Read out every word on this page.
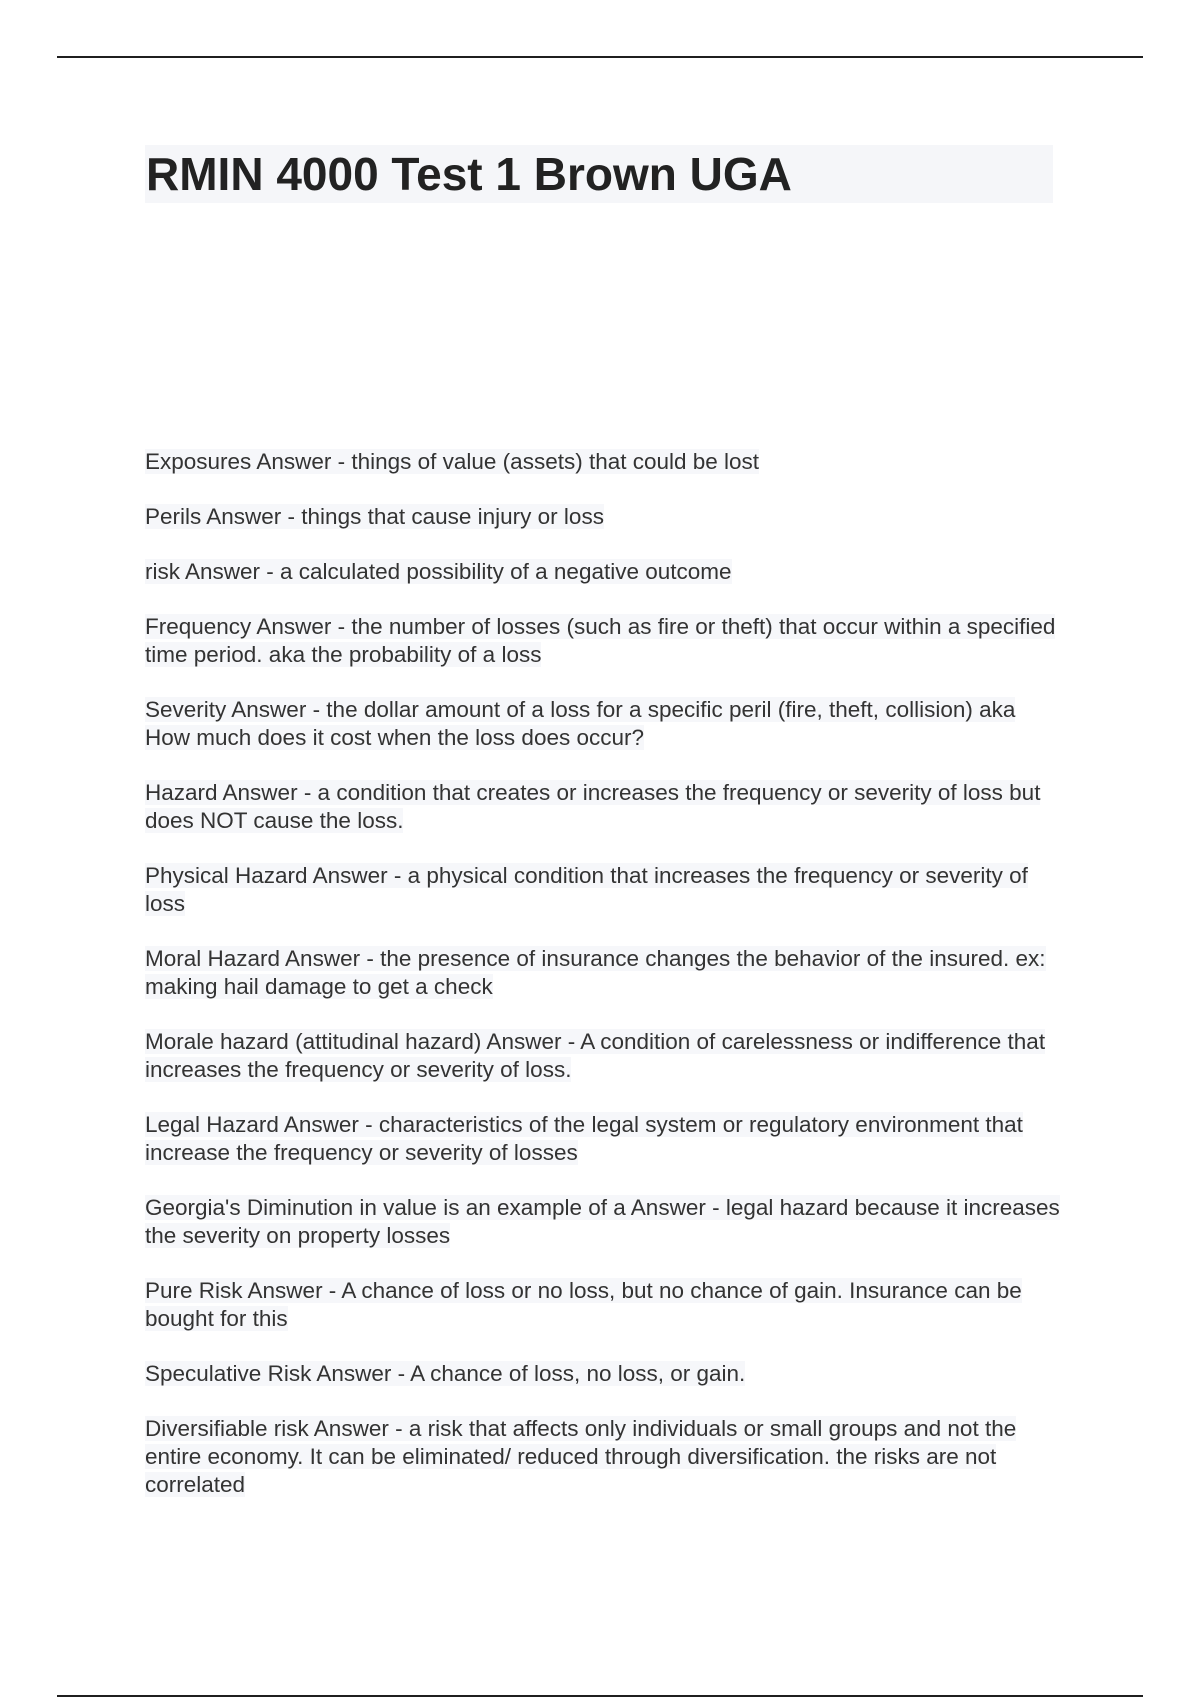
RMIN 4000 Test 1 Brown UGA
Exposures Answer - things of value (assets) that could be lost
Perils Answer - things that cause injury or loss
risk Answer - a calculated possibility of a negative outcome
Frequency Answer - the number of losses (such as fire or theft) that occur within a specified time period. aka the probability of a loss
Severity Answer - the dollar amount of a loss for a specific peril (fire, theft, collision) aka How much does it cost when the loss does occur?
Hazard Answer - a condition that creates or increases the frequency or severity of loss but does NOT cause the loss.
Physical Hazard Answer - a physical condition that increases the frequency or severity of loss
Moral Hazard Answer - the presence of insurance changes the behavior of the insured. ex: making hail damage to get a check
Morale hazard (attitudinal hazard) Answer - A condition of carelessness or indifference that increases the frequency or severity of loss.
Legal Hazard Answer - characteristics of the legal system or regulatory environment that increase the frequency or severity of losses
Georgia's Diminution in value is an example of a Answer - legal hazard because it increases the severity on property losses
Pure Risk Answer - A chance of loss or no loss, but no chance of gain. Insurance can be bought for this
Speculative Risk Answer - A chance of loss, no loss, or gain.
Diversifiable risk Answer - a risk that affects only individuals or small groups and not the entire economy. It can be eliminated/ reduced through diversification. the risks are not correlated
